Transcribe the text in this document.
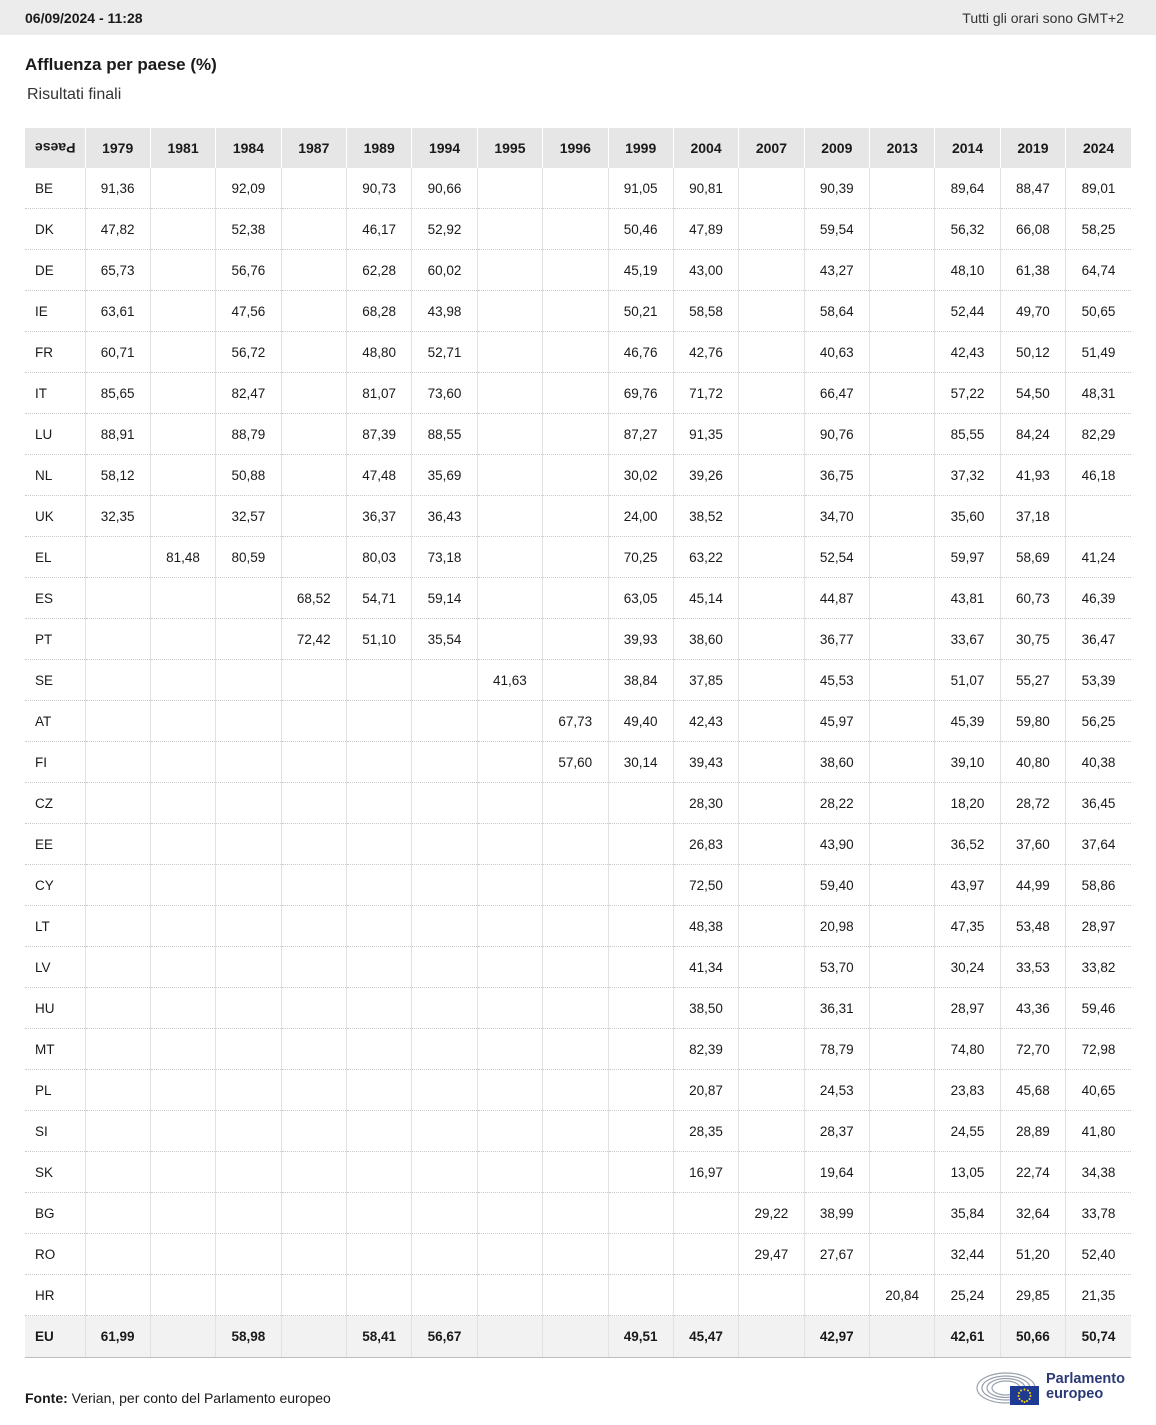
06/09/2024 - 11:28	Tutti gli orari sono GMT+2
Affluenza per paese (%)
Risultati finali
Paese	1979	1981	1984	1987	1989	1994	1995	1996	1999	2004	2007	2009	2013	2014	2019	2024
BE	91,36		92,09		90,73	90,66			91,05	90,81		90,39		89,64	88,47	89,01
DK	47,82		52,38		46,17	52,92			50,46	47,89		59,54		56,32	66,08	58,25
DE	65,73		56,76		62,28	60,02			45,19	43,00		43,27		48,10	61,38	64,74
IE	63,61		47,56		68,28	43,98			50,21	58,58		58,64		52,44	49,70	50,65
FR	60,71		56,72		48,80	52,71			46,76	42,76		40,63		42,43	50,12	51,49
IT	85,65		82,47		81,07	73,60			69,76	71,72		66,47		57,22	54,50	48,31
LU	88,91		88,79		87,39	88,55			87,27	91,35		90,76		85,55	84,24	82,29
NL	58,12		50,88		47,48	35,69			30,02	39,26		36,75		37,32	41,93	46,18
UK	32,35		32,57		36,37	36,43			24,00	38,52		34,70		35,60	37,18	
EL		81,48	80,59		80,03	73,18			70,25	63,22		52,54		59,97	58,69	41,24
ES				68,52	54,71	59,14			63,05	45,14		44,87		43,81	60,73	46,39
PT				72,42	51,10	35,54			39,93	38,60		36,77		33,67	30,75	36,47
SE							41,63		38,84	37,85		45,53		51,07	55,27	53,39
AT								67,73	49,40	42,43		45,97		45,39	59,80	56,25
FI								57,60	30,14	39,43		38,60		39,10	40,80	40,38
CZ										28,30		28,22		18,20	28,72	36,45
EE										26,83		43,90		36,52	37,60	37,64
CY										72,50		59,40		43,97	44,99	58,86
LT										48,38		20,98		47,35	53,48	28,97
LV										41,34		53,70		30,24	33,53	33,82
HU										38,50		36,31		28,97	43,36	59,46
MT										82,39		78,79		74,80	72,70	72,98
PL										20,87		24,53		23,83	45,68	40,65
SI										28,35		28,37		24,55	28,89	41,80
SK										16,97		19,64		13,05	22,74	34,38
BG											29,22	38,99		35,84	32,64	33,78
RO											29,47	27,67		32,44	51,20	52,40
HR													20,84	25,24	29,85	21,35
EU	61,99		58,98		58,41	56,67			49,51	45,47		42,97		42,61	50,66	50,74
Fonte: Verian, per conto del Parlamento europeo
Parlamento
europeo
